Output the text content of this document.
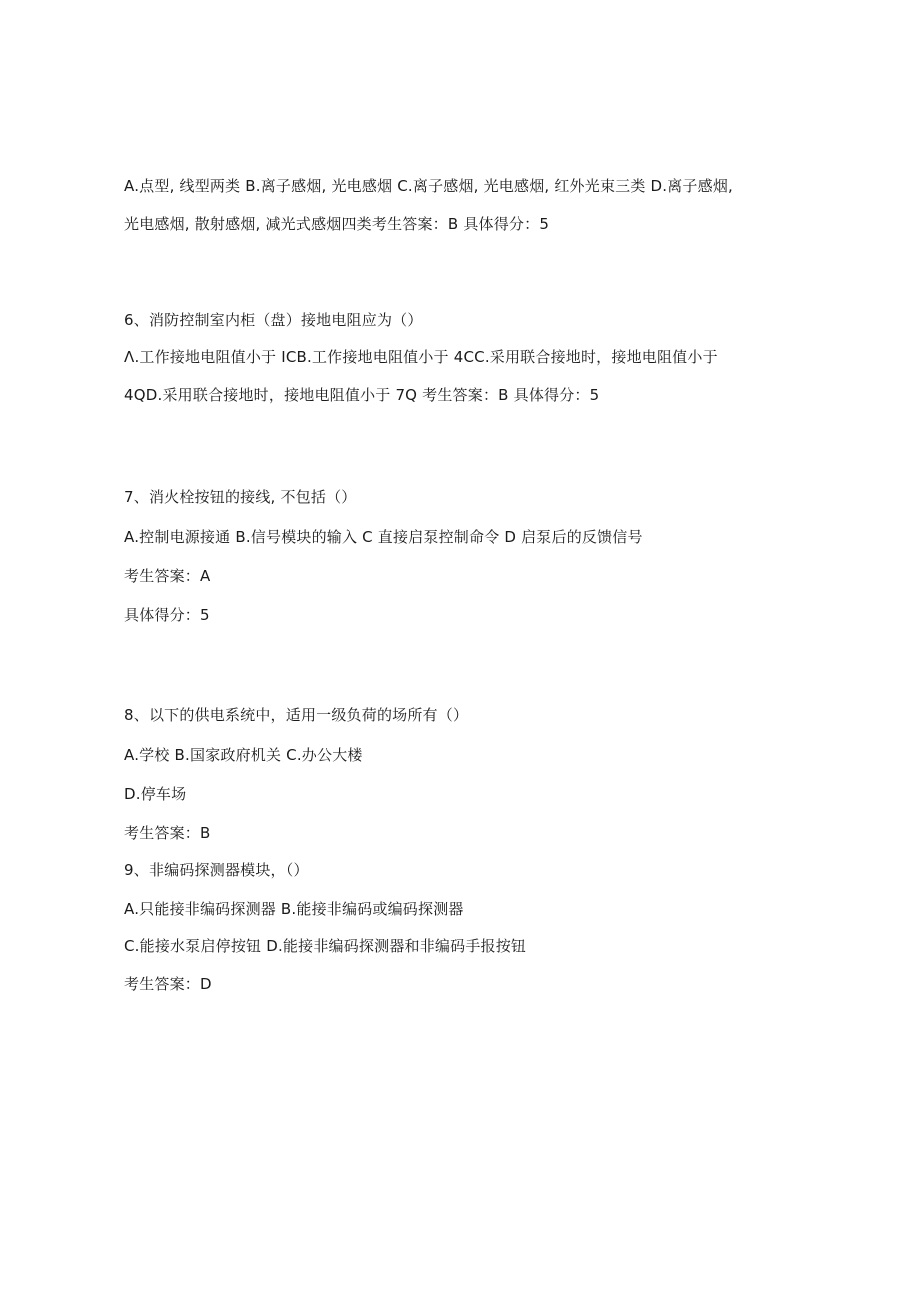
A.点型, 线型两类 B.离子感烟, 光电感烟 C.离子感烟, 光电感烟, 红外光束三类 D.离子感烟,
光电感烟, 散射感烟, 减光式感烟四类考生答案：B 具体得分：5
6、消防控制室内柜（盘）接地电阻应为（）
Λ.工作接地电阻值小于 ICB.工作接地电阻值小于 4CC.采用联合接地时，接地电阻值小于
4QD.采用联合接地时，接地电阻值小于 7Q 考生答案：B 具体得分：5
7、消火栓按钮的接线, 不包括（）
A.控制电源接通 B.信号模块的输入 C 直接启泵控制命令 D 启泵后的反馈信号
考生答案：A
具体得分：5
8、以下的供电系统中，适用一级负荷的场所有（）
A.学校 B.国家政府机关 C.办公大楼
D.停车场
考生答案：B
9、非编码探测器模块，（）
A.只能接非编码探测器 B.能接非编码或编码探测器
C.能接水泵启停按钮 D.能接非编码探测器和非编码手报按钮
考生答案：D
